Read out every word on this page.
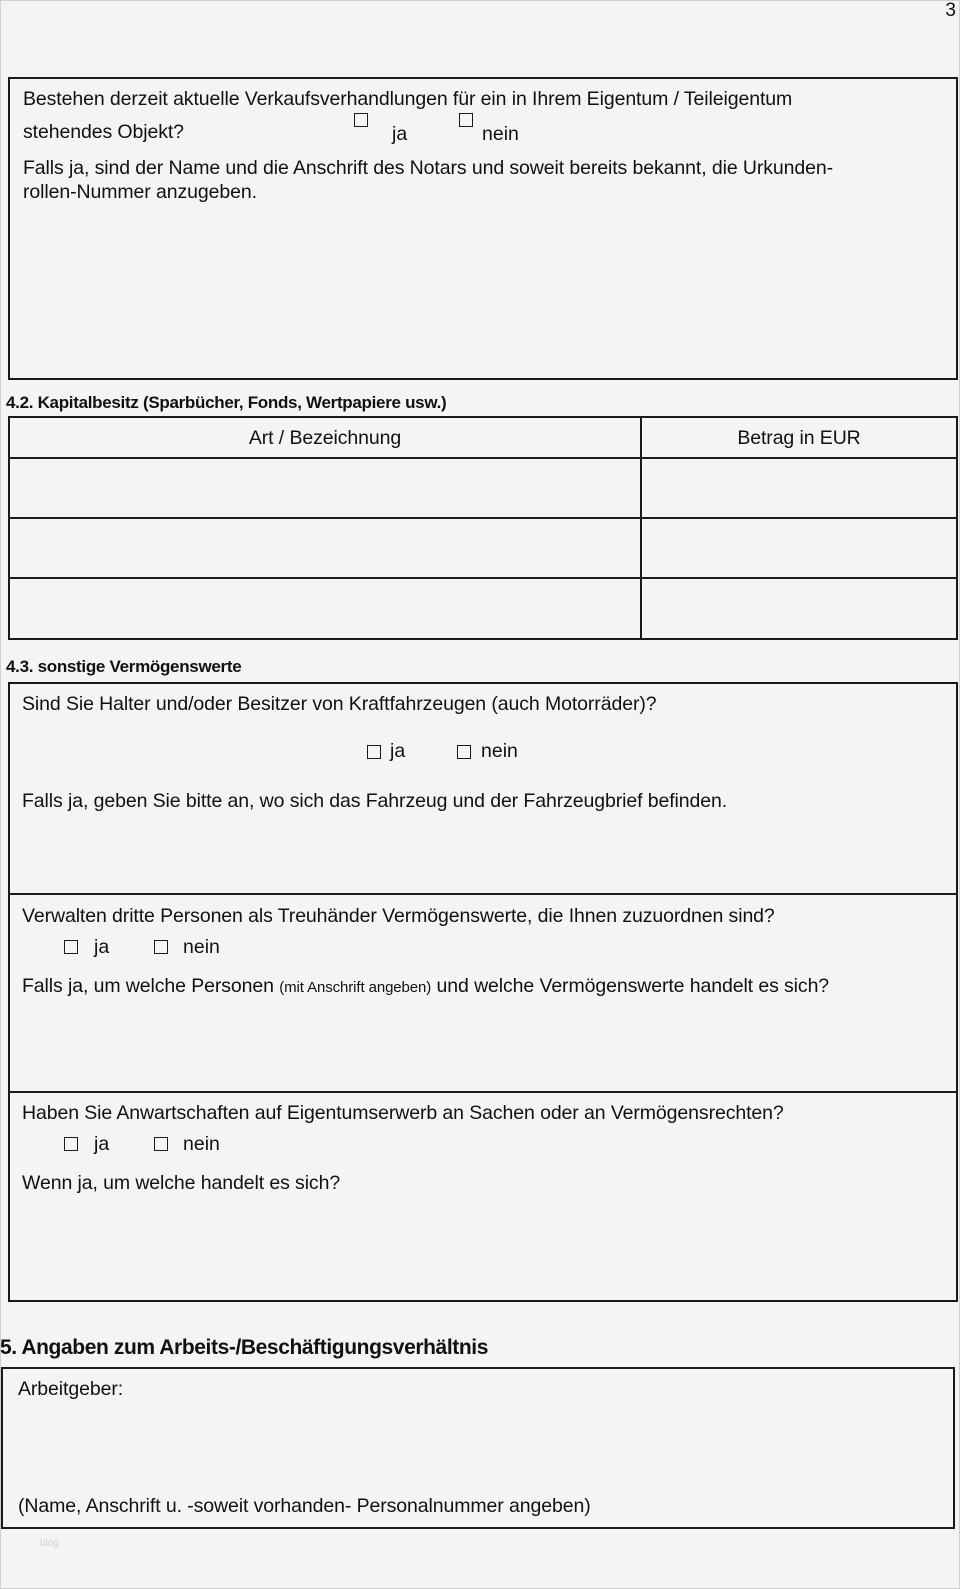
3
Bestehen derzeit aktuelle Verkaufsverhandlungen für ein in Ihrem Eigentum / Teileigentum
stehendes Objekt?	ja	nein
Falls ja, sind der Name und die Anschrift des Notars und soweit bereits bekannt, die Urkunden-
rollen-Nummer anzugeben.
4.2. Kapitalbesitz (Sparbücher, Fonds, Wertpapiere usw.)
Art / Bezeichnung	Betrag in EUR
4.3. sonstige Vermögenswerte
Sind Sie Halter und/oder Besitzer von Kraftfahrzeugen (auch Motorräder)?
ja	nein
Falls ja, geben Sie bitte an, wo sich das Fahrzeug und der Fahrzeugbrief befinden.
Verwalten dritte Personen als Treuhänder Vermögenswerte, die Ihnen zuzuordnen sind?
ja	nein
Falls ja, um welche Personen (mit Anschrift angeben) und welche Vermögenswerte handelt es sich?
Haben Sie Anwartschaften auf Eigentumserwerb an Sachen oder an Vermögensrechten?
ja	nein
Wenn ja, um welche handelt es sich?
5. Angaben zum Arbeits-/Beschäftigungsverhältnis
Arbeitgeber:
(Name, Anschrift u. -soweit vorhanden- Personalnummer angeben)
blog
